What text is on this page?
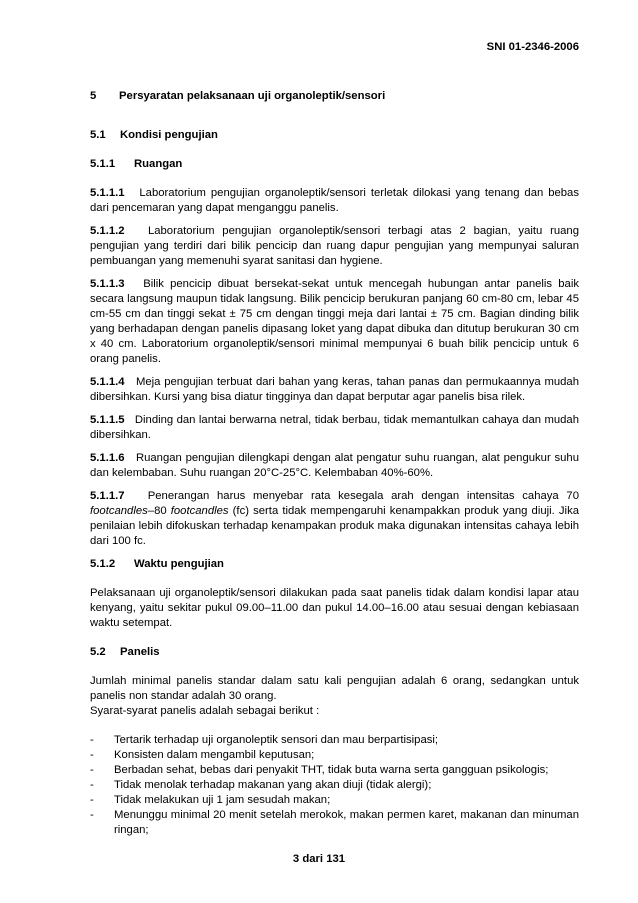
SNI 01-2346-2006
5	Persyaratan pelaksanaan uji organoleptik/sensori
5.1	Kondisi pengujian
5.1.1	Ruangan

5.1.1.1 Laboratorium pengujian organoleptik/sensori terletak dilokasi yang tenang dan bebas dari pencemaran yang dapat menganggu panelis.

5.1.1.2 Laboratorium pengujian organoleptik/sensori terbagi atas 2 bagian, yaitu ruang pengujian yang terdiri dari bilik pencicip dan ruang dapur pengujian yang mempunyai saluran pembuangan yang memenuhi syarat sanitasi dan hygiene.

5.1.1.3 Bilik pencicip dibuat bersekat-sekat untuk mencegah hubungan antar panelis baik secara langsung maupun tidak langsung. Bilik pencicip berukuran panjang 60 cm-80 cm, lebar 45 cm-55 cm dan tinggi sekat ± 75 cm dengan tinggi meja dari lantai ± 75 cm. Bagian dinding bilik yang berhadapan dengan panelis dipasang loket yang dapat dibuka dan ditutup berukuran 30 cm x 40 cm. Laboratorium organoleptik/sensori minimal mempunyai 6 buah bilik pencicip untuk 6 orang panelis.

5.1.1.4 Meja pengujian terbuat dari bahan yang keras, tahan panas dan permukaannya mudah dibersihkan. Kursi yang bisa diatur tingginya dan dapat berputar agar panelis bisa rilek.

5.1.1.5 Dinding dan lantai berwarna netral, tidak berbau, tidak memantulkan cahaya dan mudah dibersihkan.

5.1.1.6 Ruangan pengujian dilengkapi dengan alat pengatur suhu ruangan, alat pengukur suhu dan kelembaban. Suhu ruangan 20°C-25°C. Kelembaban 40%-60%.

5.1.1.7 Penerangan harus menyebar rata kesegala arah dengan intensitas cahaya 70 footcandles–80 footcandles (fc) serta tidak mempengaruhi kenampakkan produk yang diuji. Jika penilaian lebih difokuskan terhadap kenampakan produk maka digunakan intensitas cahaya lebih dari 100 fc.

5.1.2	Waktu pengujian

Pelaksanaan uji organoleptik/sensori dilakukan pada saat panelis tidak dalam kondisi lapar atau kenyang, yaitu sekitar pukul 09.00–11.00 dan pukul 14.00–16.00 atau sesuai dengan kebiasaan waktu setempat.

5.2	Panelis

Jumlah minimal panelis standar dalam satu kali pengujian adalah 6 orang, sedangkan untuk panelis non standar adalah 30 orang.

Syarat-syarat panelis adalah sebagai berikut :

-	Tertarik terhadap uji organoleptik sensori dan mau berpartisipasi;
-	Konsisten dalam mengambil keputusan;
-	Berbadan sehat, bebas dari penyakit THT, tidak buta warna serta gangguan psikologis;
-	Tidak menolak terhadap makanan yang akan diuji (tidak alergi);
-	Tidak melakukan uji 1 jam sesudah makan;
-	Menunggu minimal 20 menit setelah merokok, makan permen karet, makanan dan minuman ringan;
3 dari 131
